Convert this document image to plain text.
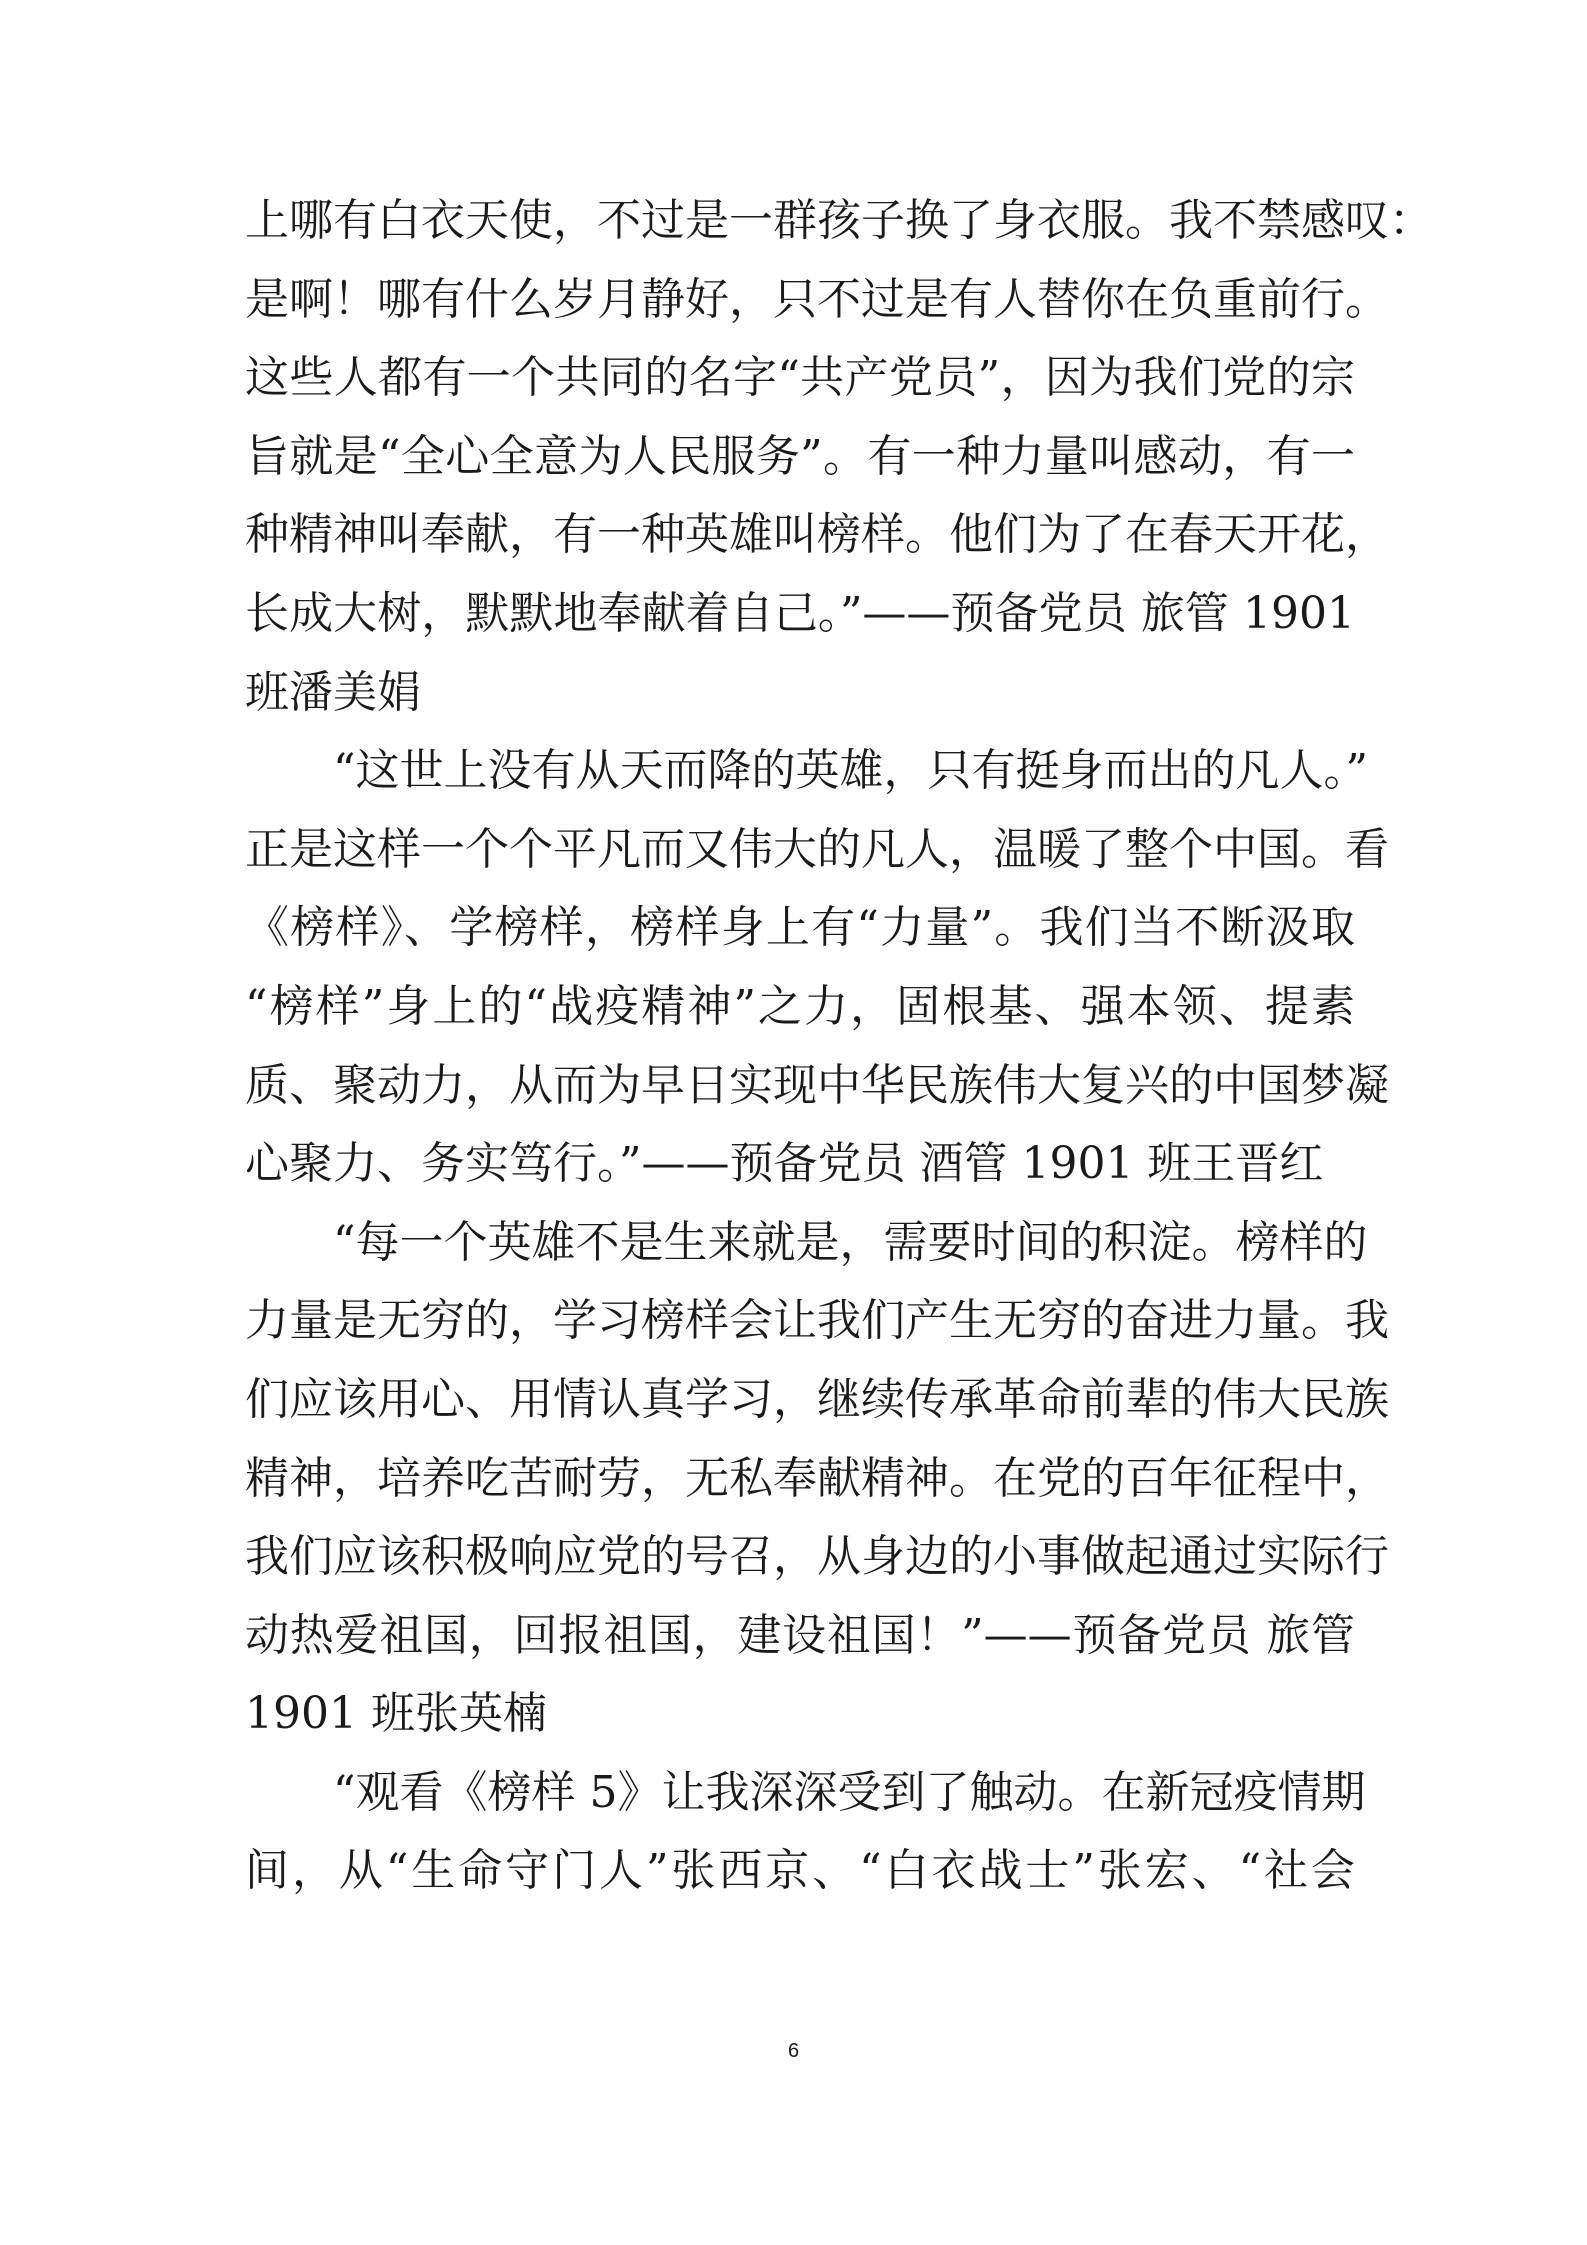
上哪有白衣天使，不过是一群孩子换了身衣服。我不禁感叹：
是啊！哪有什么岁月静好，只不过是有人替你在负重前行。
这些人都有一个共同的名字“共产党员”，因为我们党的宗
旨就是“全心全意为人民服务”。有一种力量叫感动，有一
种精神叫奉献，有一种英雄叫榜样。他们为了在春天开花，
长成大树，默默地奉献着自己。”——预备党员 旅管 1901
班潘美娟
“这世上没有从天而降的英雄，只有挺身而出的凡人。”
正是这样一个个平凡而又伟大的凡人，温暖了整个中国。看
《榜样》、学榜样，榜样身上有“力量”。我们当不断汲取
“榜样”身上的“战疫精神”之力，固根基、强本领、提素
质、聚动力，从而为早日实现中华民族伟大复兴的中国梦凝
心聚力、务实笃行。”——预备党员 酒管 1901 班王晋红
“每一个英雄不是生来就是，需要时间的积淀。榜样的
力量是无穷的，学习榜样会让我们产生无穷的奋进力量。我
们应该用心、用情认真学习，继续传承革命前辈的伟大民族
精神，培养吃苦耐劳，无私奉献精神。在党的百年征程中，
我们应该积极响应党的号召，从身边的小事做起通过实际行
动热爱祖国，回报祖国，建设祖国！”——预备党员 旅管
1901 班张英楠
“观看《榜样 5》让我深深受到了触动。在新冠疫情期
间，从“生命守门人”张西京、“白衣战士”张宏、“社会
6
